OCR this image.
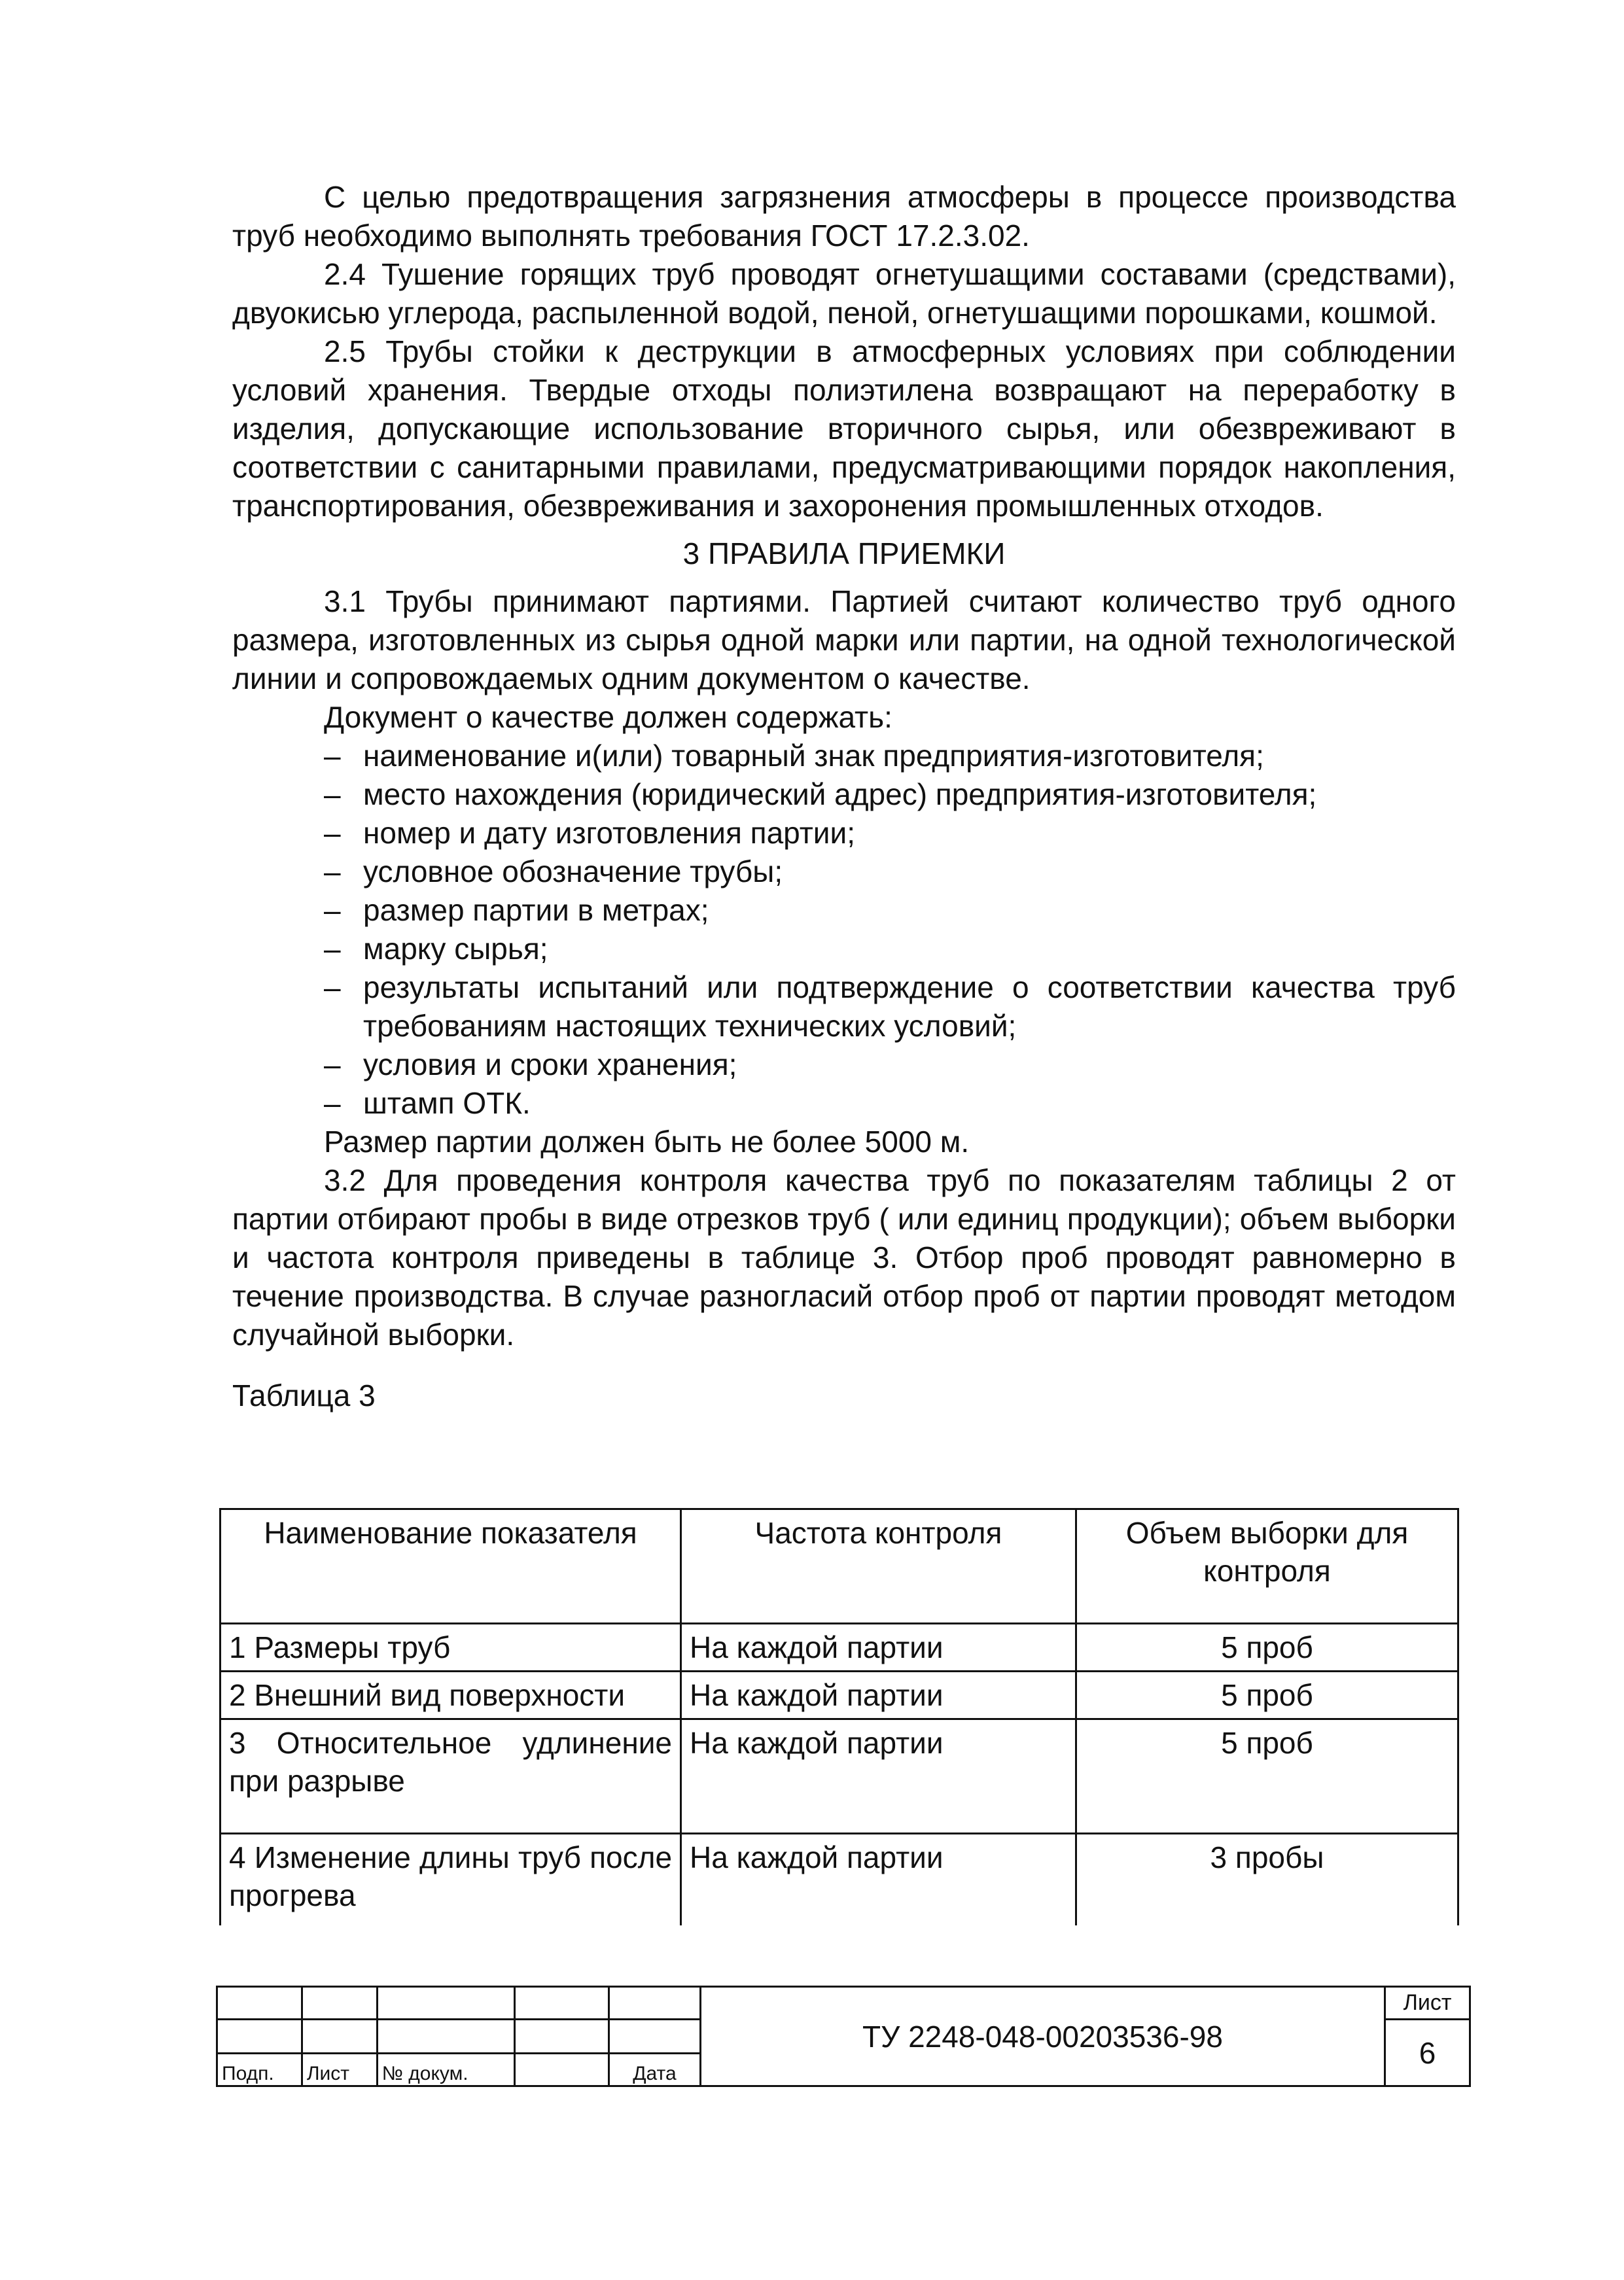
С целью предотвращения загрязнения атмосферы в процессе производства труб необходимо выполнять требования ГОСТ 17.2.3.02.

2.4 Тушение горящих труб проводят огнетушащими составами (средствами), двуокисью углерода, распыленной водой, пеной, огнетушащими порошками, кошмой.

2.5 Трубы стойки к деструкции в атмосферных условиях при соблюдении условий хранения. Твердые отходы полиэтилена возвращают на переработку в изделия, допускающие использование вторичного сырья, или обезвреживают в соответствии с санитарными правилами, предусматривающими порядок накопления, транспортирования, обезвреживания и захоронения промышленных отходов.

3 ПРАВИЛА ПРИЕМКИ

3.1 Трубы принимают партиями. Партией считают количество труб одного размера, изготовленных из сырья одной марки или партии, на одной технологической линии и сопровождаемых одним документом о качестве.

Документ о качестве должен содержать:

– наименование и(или) товарный знак предприятия-изготовителя;
– место нахождения (юридический адрес) предприятия-изготовителя;
– номер и дату изготовления партии;
– условное обозначение трубы;
– размер партии в метрах;
– марку сырья;
– результаты испытаний или подтверждение о соответствии качества труб требованиям настоящих технических условий;
– условия и сроки хранения;
– штамп ОТК.

Размер партии должен быть не более 5000 м.

3.2 Для проведения контроля качества труб по показателям таблицы 2 от партии отбирают пробы в виде отрезков труб ( или единиц продукции); объем выборки и частота контроля приведены в таблице 3. Отбор проб проводят равномерно в течение производства. В случае разногласий отбор проб от партии проводят методом случайной выборки.

Таблица 3

Наименование показателя	Частота контроля	Объем выборки для контроля
1 Размеры труб	На каждой партии	5 проб
2 Внешний вид поверхности	На каждой партии	5 проб
3 Относительное удлинение при разрыве	На каждой партии	5 проб
4 Изменение длины труб после прогрева	На каждой партии	3 пробы
					ТУ 2248-048-00203536-98	Лист
						6
Подп.	Лист	№ докум.		Дата		
